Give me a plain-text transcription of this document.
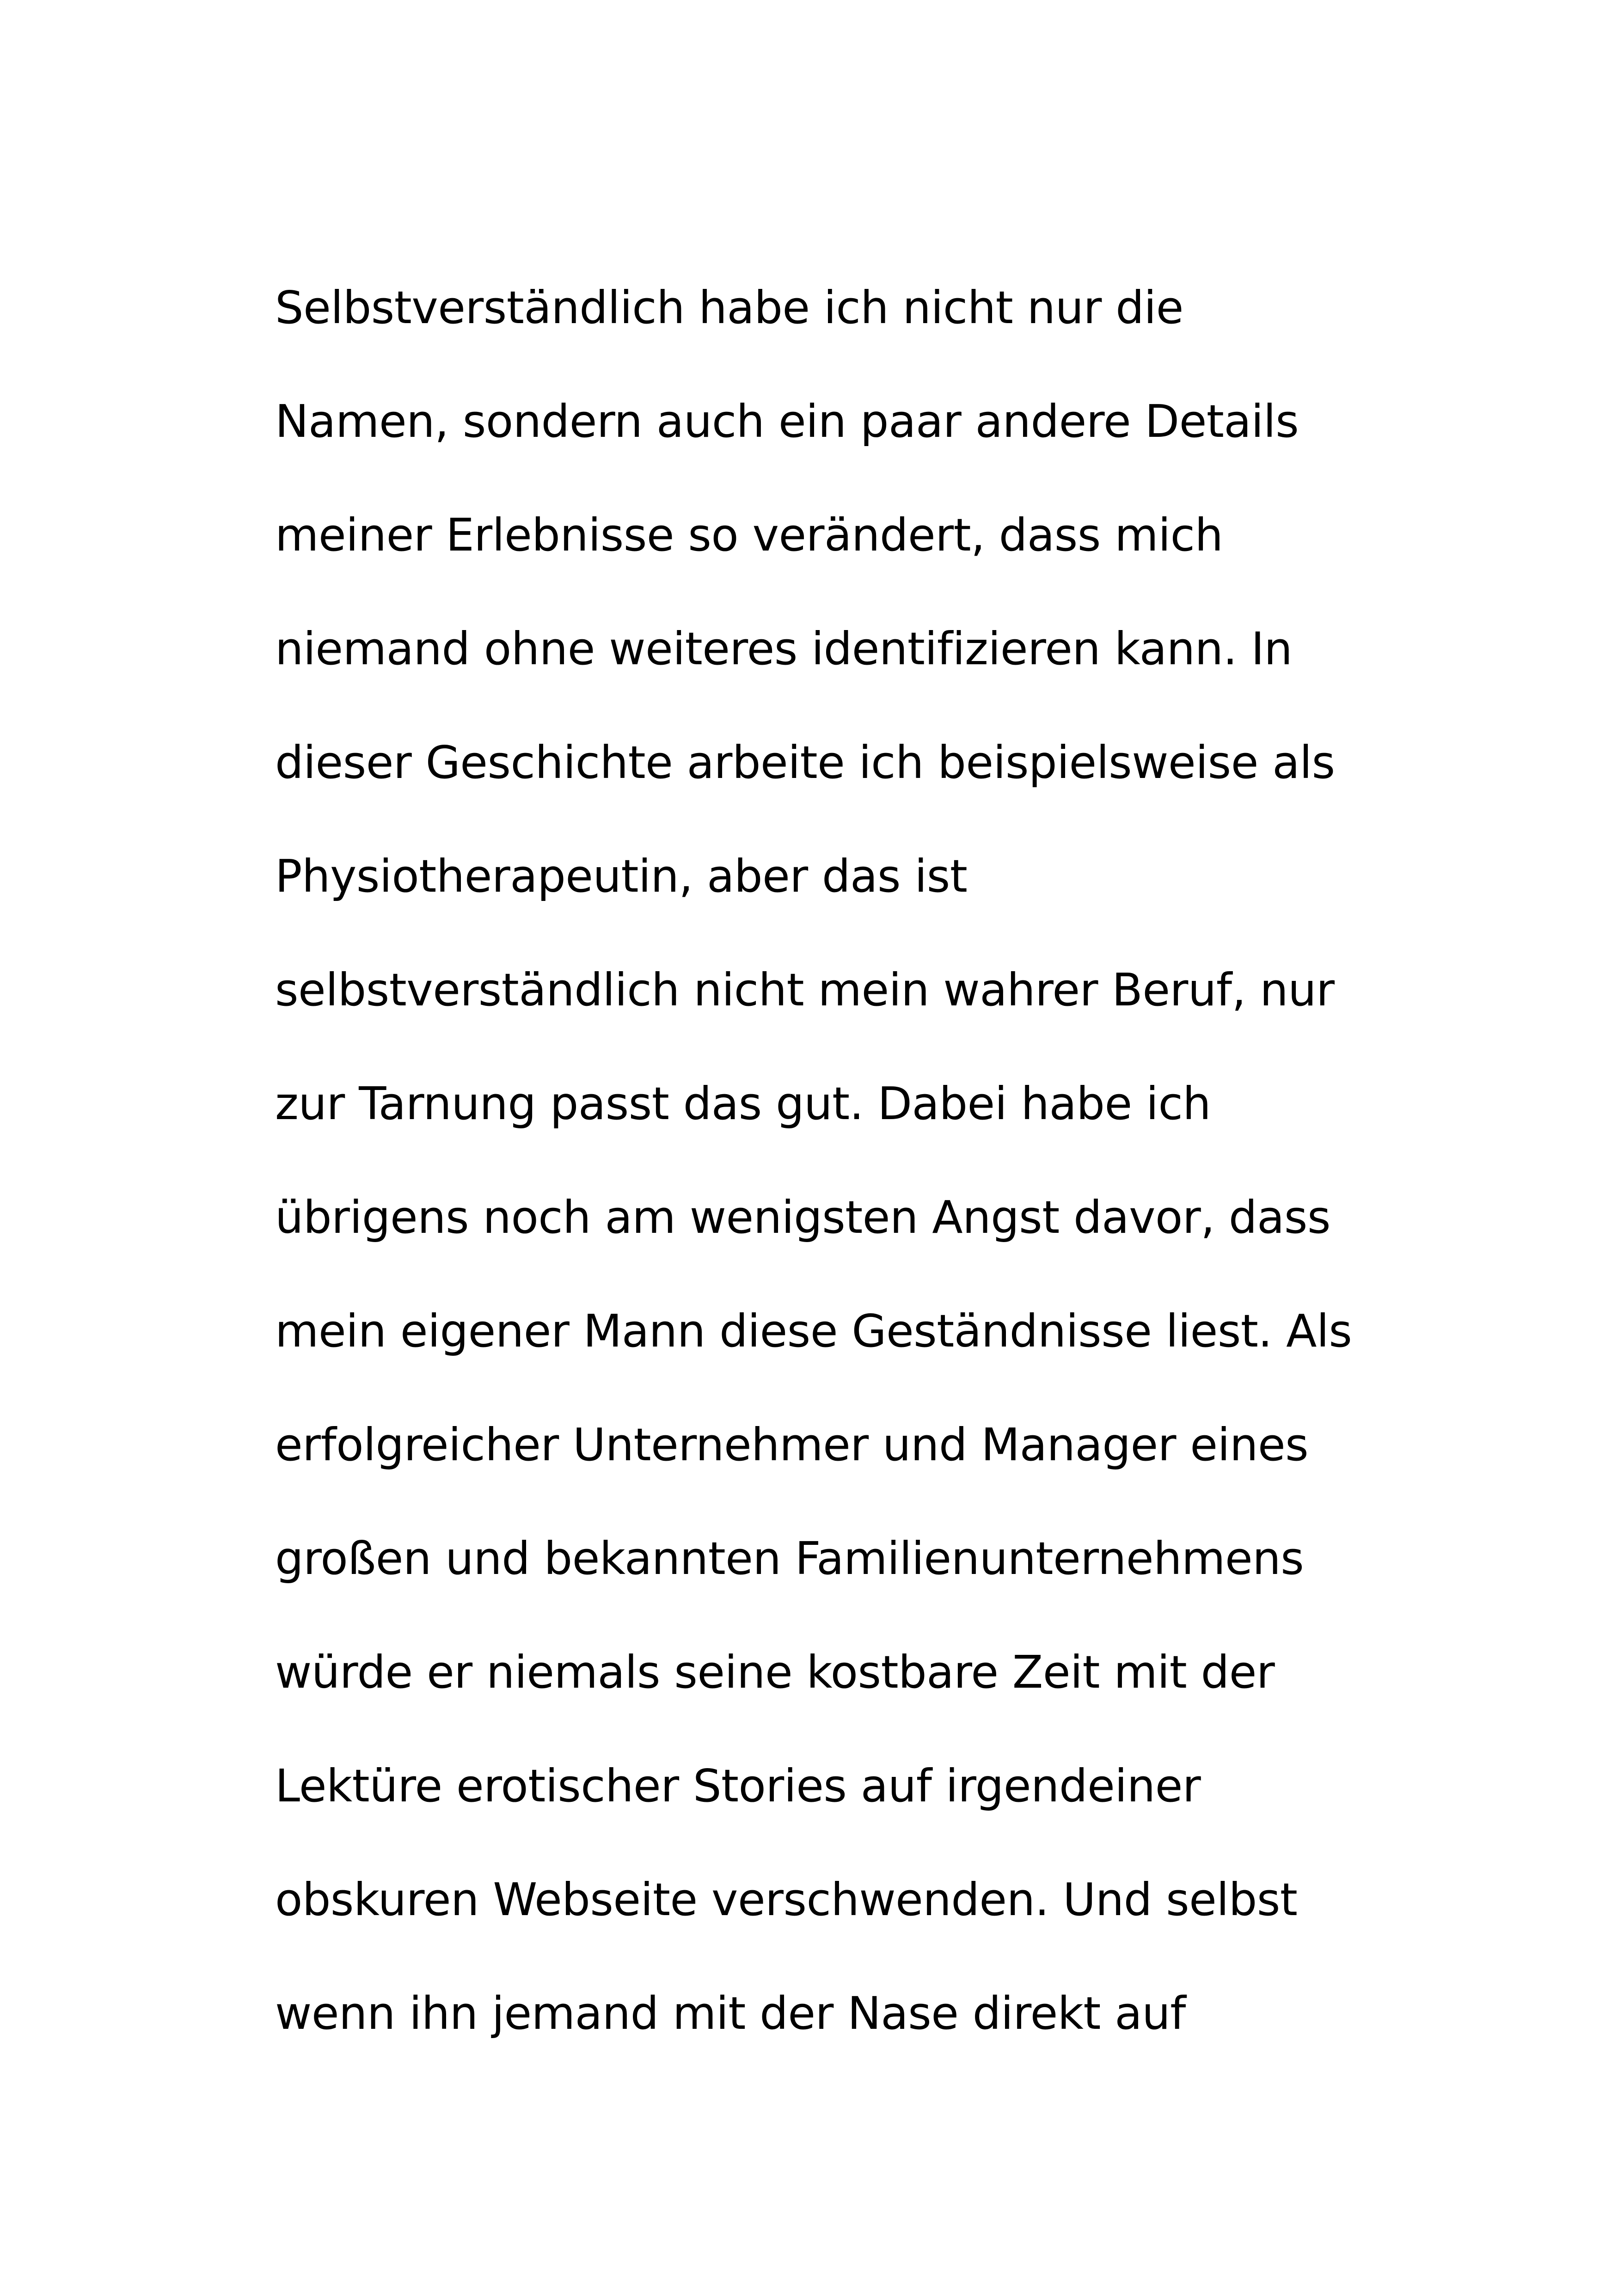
Selbstverständlich habe ich nicht nur die
Namen, sondern auch ein paar andere Details
meiner Erlebnisse so verändert, dass mich
niemand ohne weiteres identifizieren kann. In
dieser Geschichte arbeite ich beispielsweise als
Physiotherapeutin, aber das ist
selbstverständlich nicht mein wahrer Beruf, nur
zur Tarnung passt das gut. Dabei habe ich
übrigens noch am wenigsten Angst davor, dass
mein eigener Mann diese Geständnisse liest. Als
erfolgreicher Unternehmer und Manager eines
großen und bekannten Familienunternehmens
würde er niemals seine kostbare Zeit mit der
Lektüre erotischer Stories auf irgendeiner
obskuren Webseite verschwenden. Und selbst
wenn ihn jemand mit der Nase direkt auf
